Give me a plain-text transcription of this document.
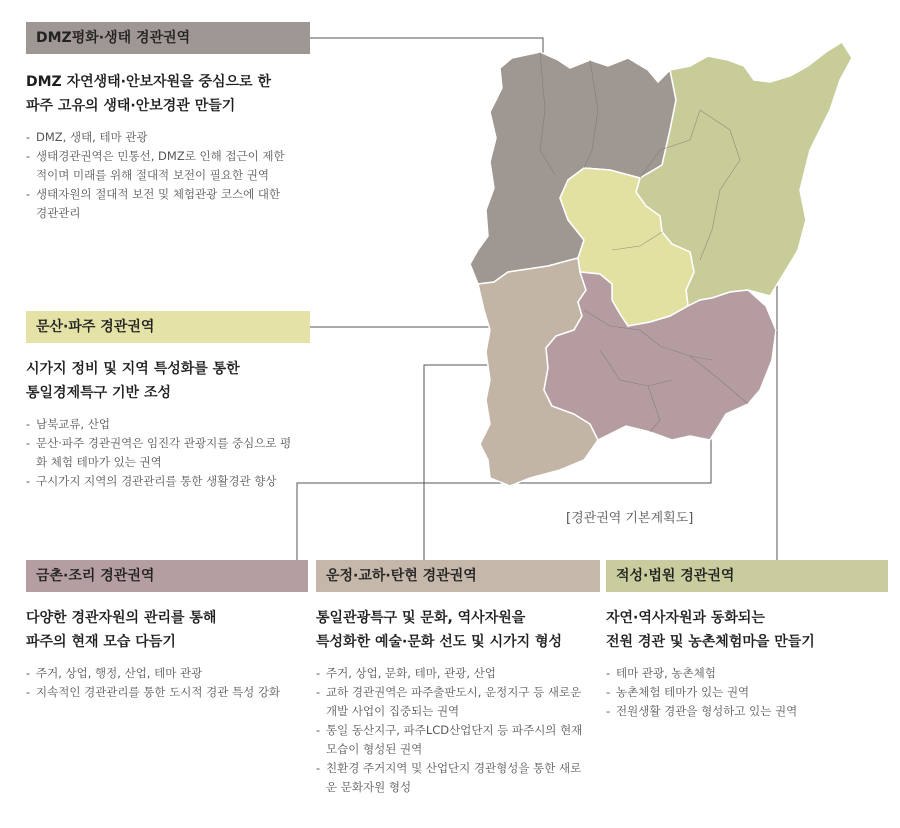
[경관권역 기본계획도]
DMZ평화·생태 경관권역
DMZ 자연생태·안보자원을 중심으로 한
파주 고유의 생태·안보경관 만들기
- DMZ, 생태, 테마 관광
- 생태경관권역은 민통선, DMZ로 인해 접근이 제한적이며 미래를 위해 절대적 보전이 필요한 권역
- 생태자원의 절대적 보전 및 체험관광 코스에 대한 경관관리
문산·파주 경관권역
시가지 정비 및 지역 특성화를 통한
통일경제특구 기반 조성
- 남북교류, 산업
- 문산·파주 경관권역은 임진각 관광지를 중심으로 평화 체험 테마가 있는 권역
- 구시가지 지역의 경관관리를 통한 생활경관 향상
금촌·조리 경관권역
다양한 경관자원의 관리를 통해
파주의 현재 모습 다듬기
- 주거, 상업, 행정, 산업, 테마 관광
- 지속적인 경관관리를 통한 도시적 경관 특성 강화
운정·교하·탄현 경관권역
통일관광특구 및 문화, 역사자원을
특성화한 예술·문화 선도 및 시가지 형성
- 주거, 상업, 문화, 테마, 관광, 산업
- 교하 경관권역은 파주출판도시, 운정지구 등 새로운 개발 사업이 집중되는 권역
- 통일 동산지구, 파주LCD산업단지 등 파주시의 현재 모습이 형성된 권역
- 친환경 주거지역 및 산업단지 경관형성을 통한 새로운 문화자원 형성
적성·법원 경관권역
자연·역사자원과 동화되는
전원 경관 및 농촌체험마을 만들기
- 테마 관광, 농촌체험
- 농촌체험 테마가 있는 권역
- 전원생활 경관을 형성하고 있는 권역
